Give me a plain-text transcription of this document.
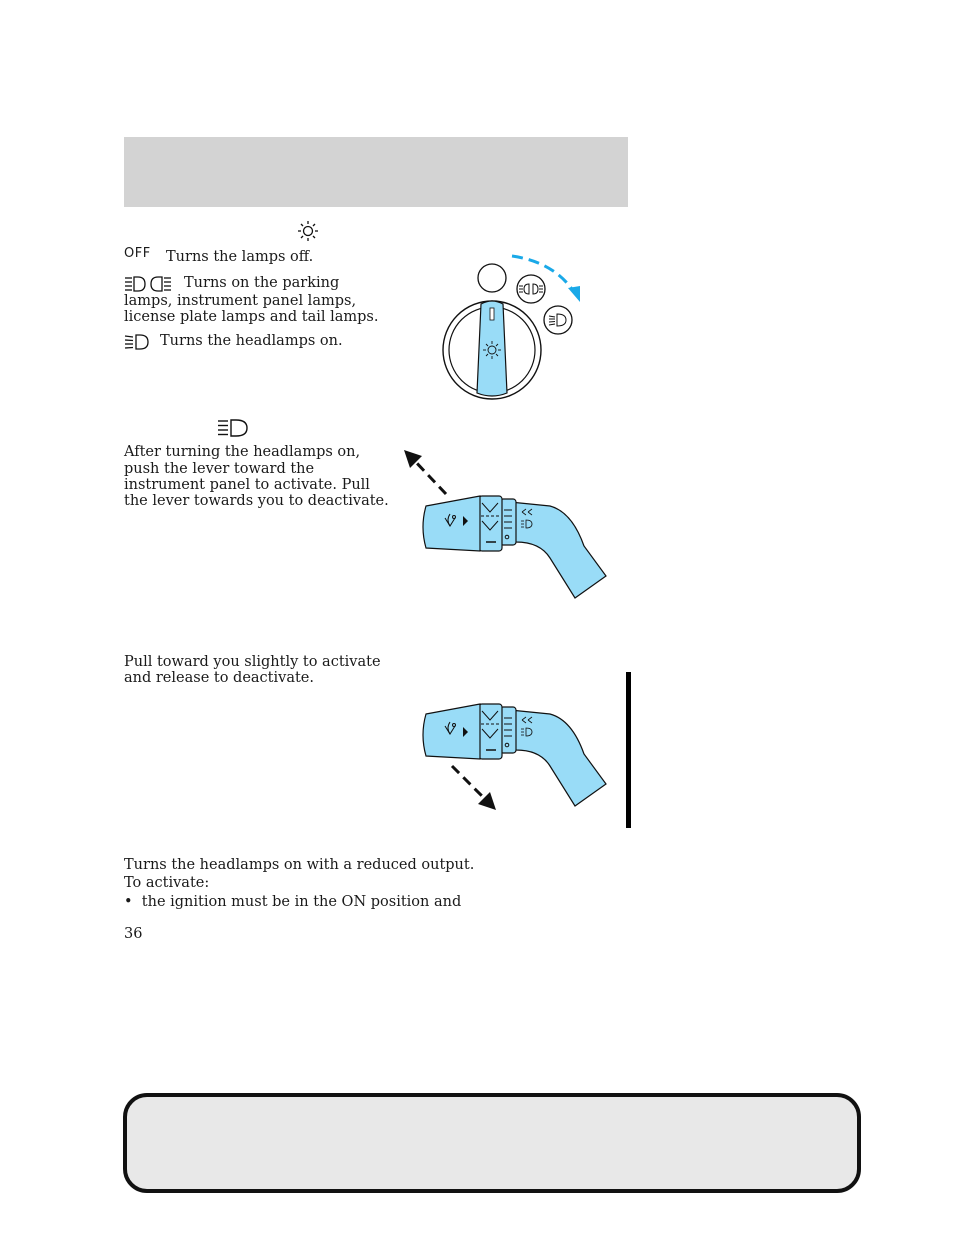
OFF Turns the lamps off.
Turns on the parking
lamps, instrument panel lamps,
license plate lamps and tail lamps.
Turns the headlamps on.
After turning the headlamps on,
push the lever toward the
instrument panel to activate. Pull
the lever towards you to deactivate.
Pull toward you slightly to activate
and release to deactivate.
Turns the headlamps on with a reduced output.
To activate:
•  the ignition must be in the ON position and
36
